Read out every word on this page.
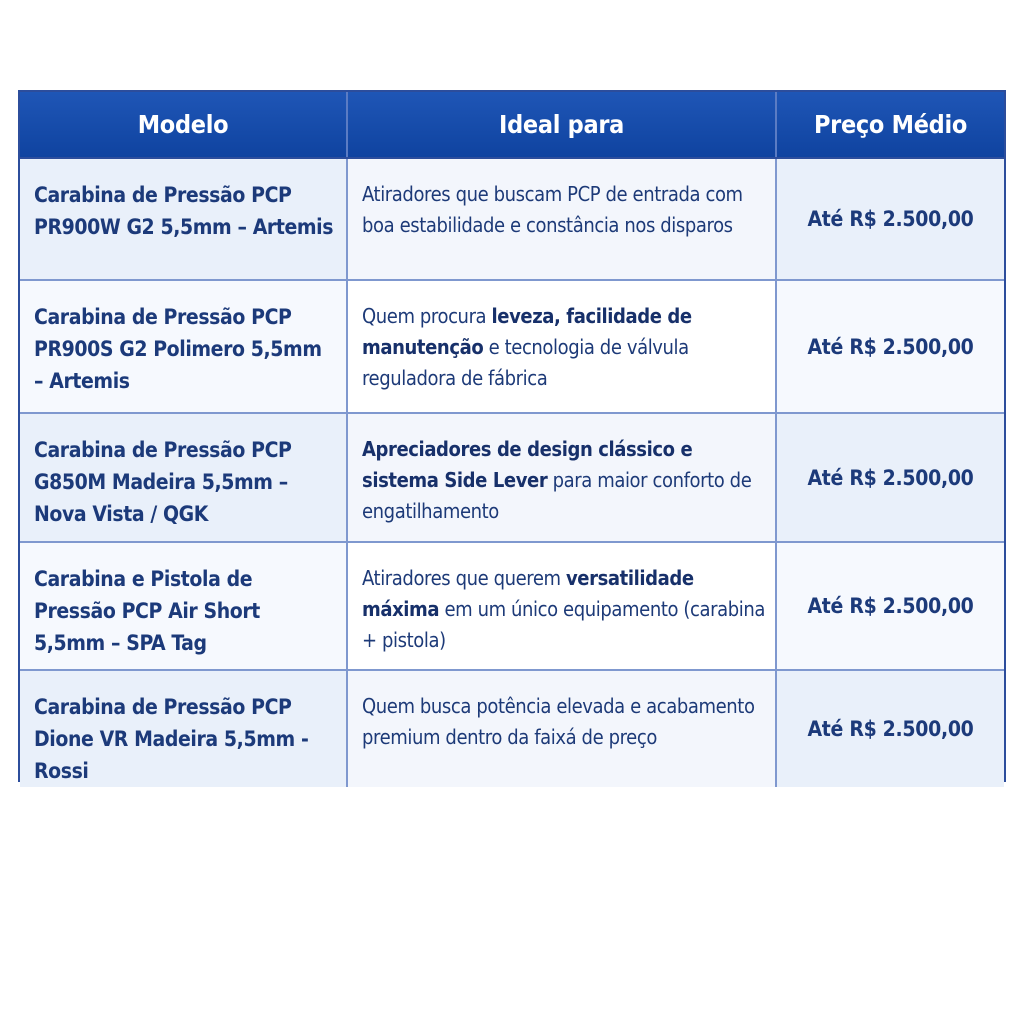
Modelo	Ideal para	Preço Médio

Carabina de Pressão PCP PR900W G2 5,5mm – Artemis	Atiradores que buscam PCP de entrada com boa estabilidade e constância nos disparos	Até R$ 2.500,00

Carabina de Pressão PCP PR900S G2 Polimero 5,5mm – Artemis	Quem procura leveza, facilidade de manutenção e tecnologia de válvula reguladora de fábrica	Até R$ 2.500,00

Carabina de Pressão PCP G850M Madeira 5,5mm – Nova Vista / QGK	Apreciadores de design clássico e sistema Side Lever para maior conforto de engatilhamento	Até R$ 2.500,00

Carabina e Pistola de Pressão PCP Air Short 5,5mm – SPA Tag	Atiradores que querem versatilidade máxima em um único equipamento (carabina + pistola)	Até R$ 2.500,00

Carabina de Pressão PCP Dione VR Madeira 5,5mm - Rossi	Quem busca potência elevada e acabamento premium dentro da faixá de preço	Até R$ 2.500,00
